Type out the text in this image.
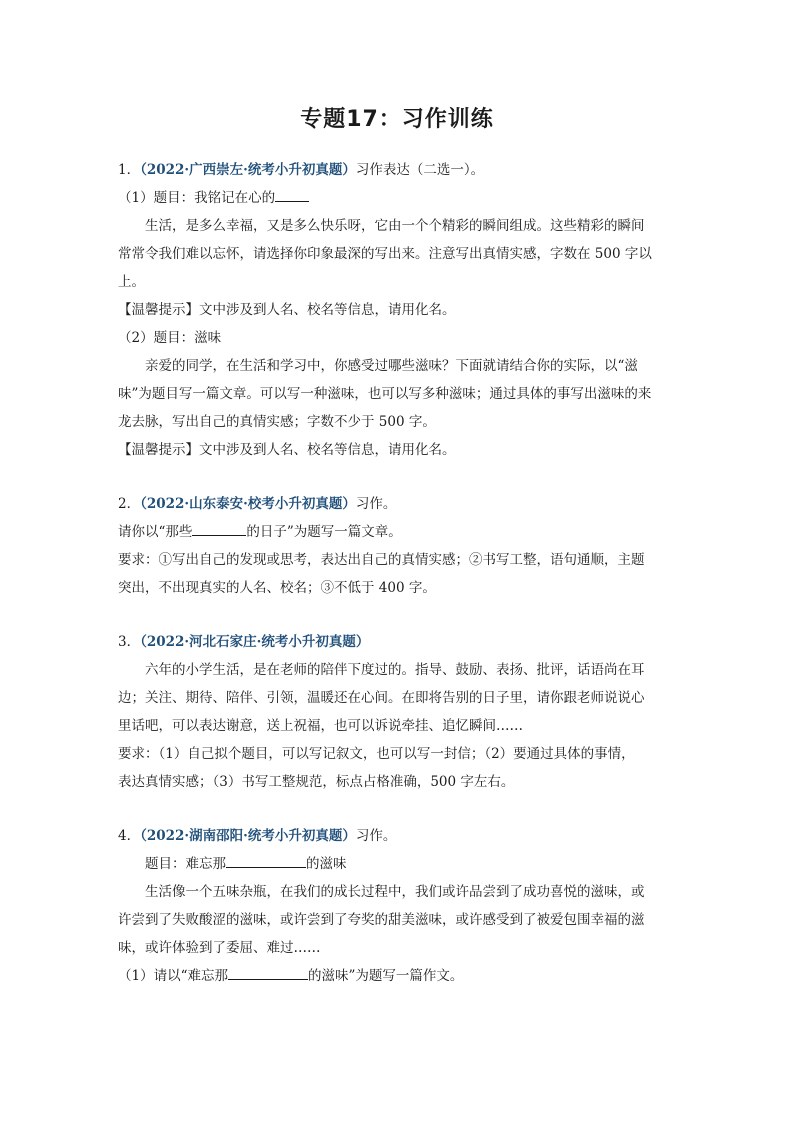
专题17：习作训练
1．（2022·广西崇左·统考小升初真题）习作表达（二选一）。
（1）题目：我铭记在心的
生活，是多么幸福，又是多么快乐呀，它由一个个精彩的瞬间组成。这些精彩的瞬间
常常令我们难以忘怀，请选择你印象最深的写出来。注意写出真情实感，字数在 500 字以
上。
【温馨提示】文中涉及到人名、校名等信息，请用化名。
（2）题目：滋味
亲爱的同学，在生活和学习中，你感受过哪些滋味？下面就请结合你的实际，以“滋
味”为题目写一篇文章。可以写一种滋味，也可以写多种滋味；通过具体的事写出滋味的来
龙去脉，写出自己的真情实感；字数不少于 500 字。
【温馨提示】文中涉及到人名、校名等信息，请用化名。
2．（2022·山东泰安·校考小升初真题）习作。
请你以“那些	的日子”为题写一篇文章。
要求：①写出自己的发现或思考，表达出自己的真情实感；②书写工整，语句通顺，主题
突出，不出现真实的人名、校名；③不低于 400 字。
3．（2022·河北石家庄·统考小升初真题）
六年的小学生活，是在老师的陪伴下度过的。指导、鼓励、表扬、批评，话语尚在耳
边；关注、期待、陪伴、引领，温暖还在心间。在即将告别的日子里，请你跟老师说说心
里话吧，可以表达谢意，送上祝福，也可以诉说牵挂、追忆瞬间……
要求：（1）自己拟个题目，可以写记叙文，也可以写一封信；（2）要通过具体的事情，
表达真情实感；（3）书写工整规范，标点占格准确，500 字左右。
4．（2022·湖南邵阳·统考小升初真题）习作。
题目：难忘那	的滋味
生活像一个五味杂瓶，在我们的成长过程中，我们或许品尝到了成功喜悦的滋味，或
许尝到了失败酸涩的滋味，或许尝到了夸奖的甜美滋味，或许感受到了被爱包围幸福的滋
味，或许体验到了委屈、难过……
（1）请以“难忘那	的滋味”为题写一篇作文。
